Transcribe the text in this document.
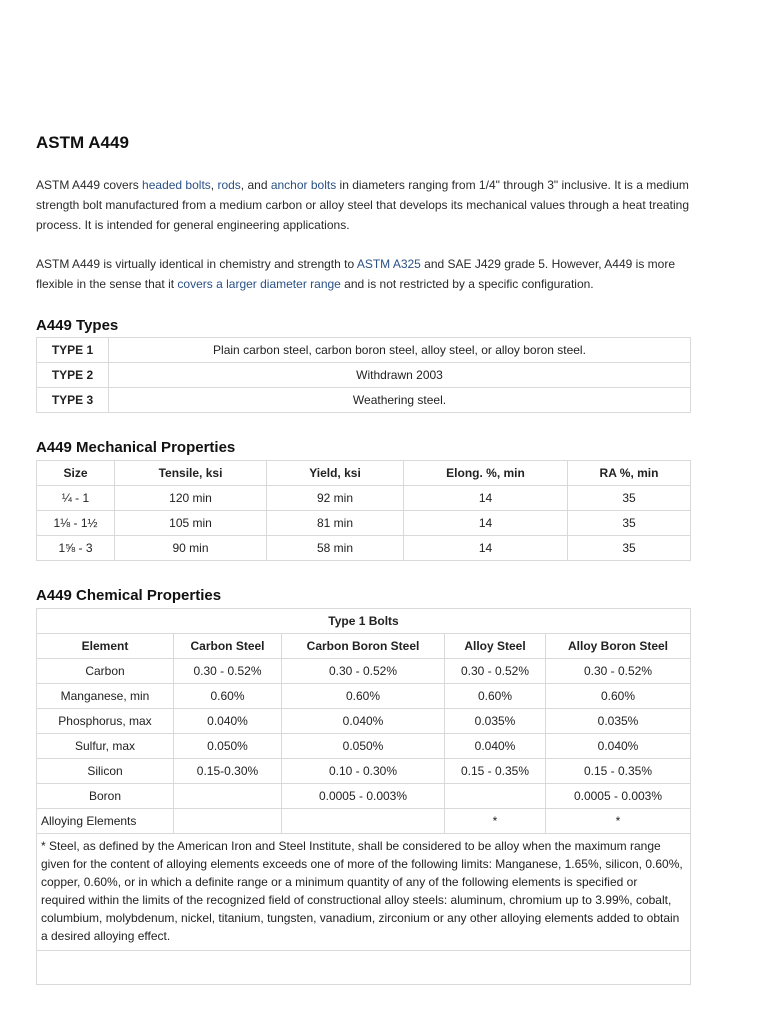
ASTM A449

ASTM A449 covers headed bolts, rods, and anchor bolts in diameters ranging from 1/4" through 3" inclusive. It is a medium strength bolt manufactured from a medium carbon or alloy steel that develops its mechanical values through a heat treating process. It is intended for general engineering applications.

ASTM A449 is virtually identical in chemistry and strength to ASTM A325 and SAE J429 grade 5. However, A449 is more flexible in the sense that it covers a larger diameter range and is not restricted by a specific configuration.

A449 Types
TYPE 1	Plain carbon steel, carbon boron steel, alloy steel, or alloy boron steel.
TYPE 2	Withdrawn 2003
TYPE 3	Weathering steel.
A449 Mechanical Properties
Size	Tensile, ksi	Yield, ksi	Elong. %, min	RA %, min
¼ - 1	120 min	92 min	14	35
1⅛ - 1½	105 min	81 min	14	35
1⅝ - 3	90 min	58 min	14	35
A449 Chemical Properties
Type 1 Bolts				
Element	Carbon Steel	Carbon Boron Steel	Alloy Steel	Alloy Boron Steel
Carbon	0.30 - 0.52%	0.30 - 0.52%	0.30 - 0.52%	0.30 - 0.52%
Manganese, min	0.60%	0.60%	0.60%	0.60%
Phosphorus, max	0.040%	0.040%	0.035%	0.035%
Sulfur, max	0.050%	0.050%	0.040%	0.040%
Silicon	0.15-0.30%	0.10 - 0.30%	0.15 - 0.35%	0.15 - 0.35%
Boron		0.0005 - 0.003%		0.0005 - 0.003%
Alloying Elements			*	*
* Steel, as defined by the American Iron and Steel Institute, shall be considered to be alloy when the maximum range given for the content of alloying elements exceeds one of more of the following limits: Manganese, 1.65%, silicon, 0.60%, copper, 0.60%, or in which a definite range or a minimum quantity of any of the following elements is specified or required within the limits of the recognized field of constructional alloy steels: aluminum, chromium up to 3.99%, cobalt, columbium, molybdenum, nickel, titanium, tungsten, vanadium, zirconium or any other alloying elements added to obtain a desired alloying effect.				
